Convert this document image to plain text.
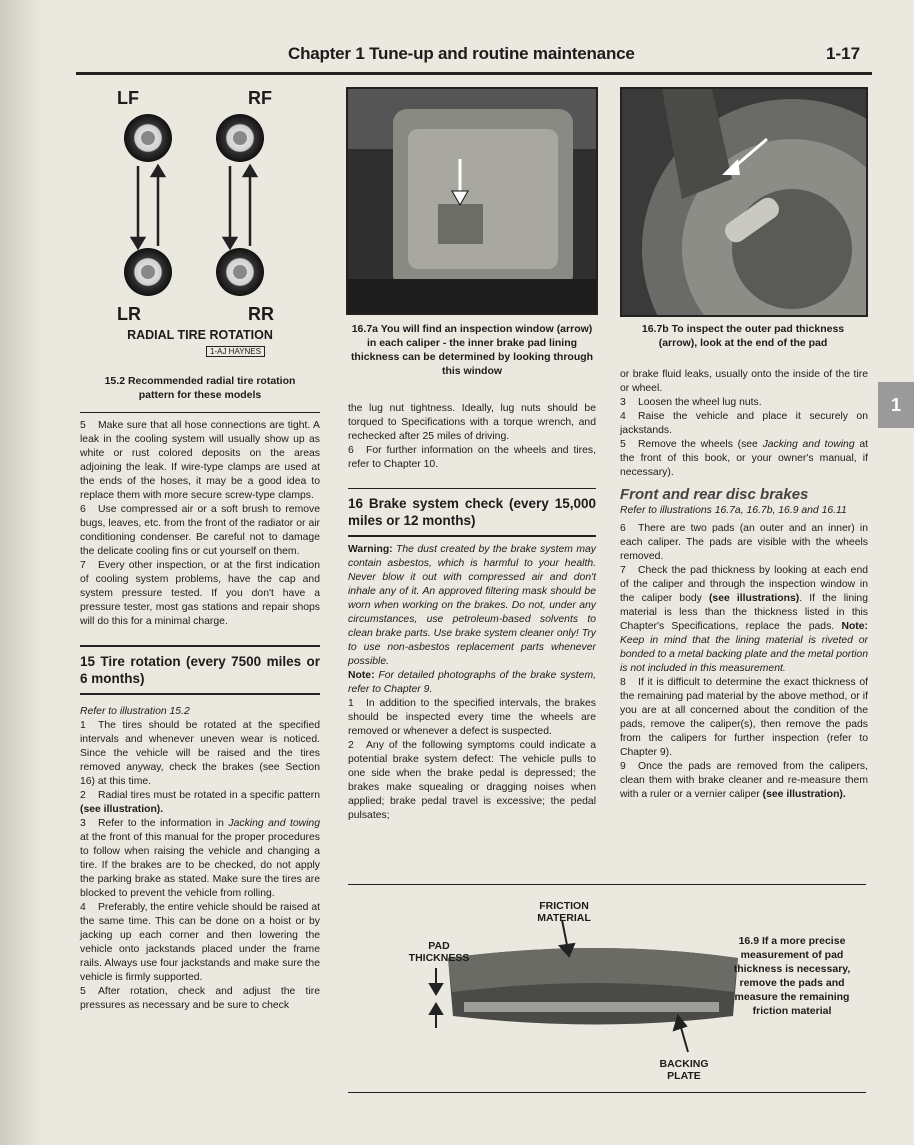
Chapter 1 Tune-up and routine maintenance	1-17
1
LF	RF
LR	RR
RADIAL TIRE ROTATION
1-AJ HAYNES
15.2 Recommended radial tire rotation pattern for these models

5 Make sure that all hose connections are tight. A leak in the cooling system will usually show up as white or rust colored deposits on the areas adjoining the leak. If wire-type clamps are used at the ends of the hoses, it may be a good idea to replace them with more secure screw-type clamps.

6 Use compressed air or a soft brush to remove bugs, leaves, etc. from the front of the radiator or air conditioning condenser. Be careful not to damage the delicate cooling fins or cut yourself on them.

7 Every other inspection, or at the first indication of cooling system problems, have the cap and system pressure tested. If you don't have a pressure tester, most gas stations and repair shops will do this for a minimal charge.

15 Tire rotation (every 7500 miles or 6 months)

Refer to illustration 15.2

1 The tires should be rotated at the specified intervals and whenever uneven wear is noticed. Since the vehicle will be raised and the tires removed anyway, check the brakes (see Section 16) at this time.

2 Radial tires must be rotated in a specific pattern (see illustration).

3 Refer to the information in Jacking and towing at the front of this manual for the proper procedures to follow when raising the vehicle and changing a tire. If the brakes are to be checked, do not apply the parking brake as stated. Make sure the tires are blocked to prevent the vehicle from rolling.

4 Preferably, the entire vehicle should be raised at the same time. This can be done on a hoist or by jacking up each corner and then lowering the vehicle onto jackstands placed under the frame rails. Always use four jackstands and make sure the vehicle is firmly supported.

5 After rotation, check and adjust the tire pressures as necessary and be sure to check

16.7a You will find an inspection window (arrow) in each caliper - the inner brake pad lining thickness can be determined by looking through this window
16.7b To inspect the outer pad thickness (arrow), look at the end of the pad

the lug nut tightness. Ideally, lug nuts should be torqued to Specifications with a torque wrench, and rechecked after 25 miles of driving.

6 For further information on the wheels and tires, refer to Chapter 10.

16 Brake system check (every 15,000 miles or 12 months)

Warning: The dust created by the brake system may contain asbestos, which is harmful to your health. Never blow it out with compressed air and don't inhale any of it. An approved filtering mask should be worn when working on the brakes. Do not, under any circumstances, use petroleum-based solvents to clean brake parts. Use brake system cleaner only! Try to use non-asbestos replacement parts whenever possible.

Note: For detailed photographs of the brake system, refer to Chapter 9.

1 In addition to the specified intervals, the brakes should be inspected every time the wheels are removed or whenever a defect is suspected.

2 Any of the following symptoms could indicate a potential brake system defect: The vehicle pulls to one side when the brake pedal is depressed; the brakes make squealing or dragging noises when applied; brake pedal travel is excessive; the pedal pulsates;

or brake fluid leaks, usually onto the inside of the tire or wheel.

3 Loosen the wheel lug nuts.

4 Raise the vehicle and place it securely on jackstands.

5 Remove the wheels (see Jacking and towing at the front of this book, or your owner's manual, if necessary).

Front and rear disc brakes

Refer to illustrations 16.7a, 16.7b, 16.9 and 16.11

6 There are two pads (an outer and an inner) in each caliper. The pads are visible with the wheels removed.

7 Check the pad thickness by looking at each end of the caliper and through the inspection window in the caliper body (see illustrations). If the lining material is less than the thickness listed in this Chapter's Specifications, replace the pads. Note: Keep in mind that the lining material is riveted or bonded to a metal backing plate and the metal portion is not included in this measurement.

8 If it is difficult to determine the exact thickness of the remaining pad material by the above method, or if you are at all concerned about the condition of the pads, remove the caliper(s), then remove the pads from the calipers for further inspection (refer to Chapter 9).

9 Once the pads are removed from the calipers, clean them with brake cleaner and re-measure them with a ruler or a vernier caliper (see illustration).

FRICTION MATERIAL
PAD THICKNESS
BACKING PLATE
16.9 If a more precise measurement of pad thickness is necessary, remove the pads and measure the remaining friction material
